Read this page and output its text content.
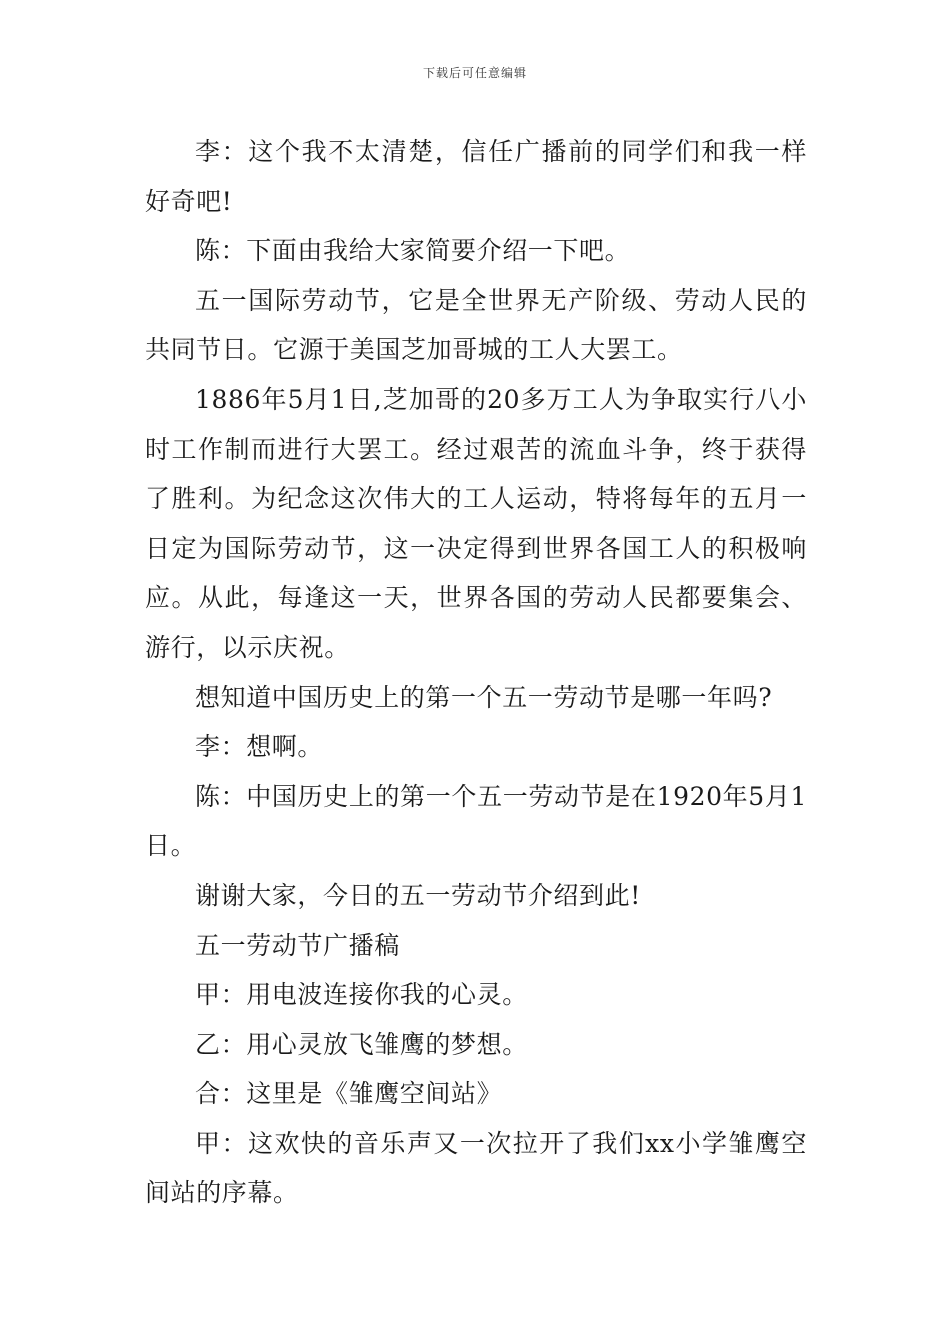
下载后可任意编辑

李：这个我不太清楚，信任广播前的同学们和我一样好奇吧!

陈：下面由我给大家简要介绍一下吧。

五一国际劳动节，它是全世界无产阶级、劳动人民的共同节日。它源于美国芝加哥城的工人大罢工。

1886年5月1日,芝加哥的20多万工人为争取实行八小时工作制而进行大罢工。经过艰苦的流血斗争，终于获得了胜利。为纪念这次伟大的工人运动，特将每年的五月一日定为国际劳动节，这一决定得到世界各国工人的积极响应。从此，每逢这一天，世界各国的劳动人民都要集会、游行，以示庆祝。

想知道中国历史上的第一个五一劳动节是哪一年吗?

李：想啊。

陈：中国历史上的第一个五一劳动节是在1920年5月1日。

谢谢大家，今日的五一劳动节介绍到此!

五一劳动节广播稿

甲：用电波连接你我的心灵。

乙：用心灵放飞雏鹰的梦想。

合：这里是《雏鹰空间站》

甲：这欢快的音乐声又一次拉开了我们xx小学雏鹰空间站的序幕。
